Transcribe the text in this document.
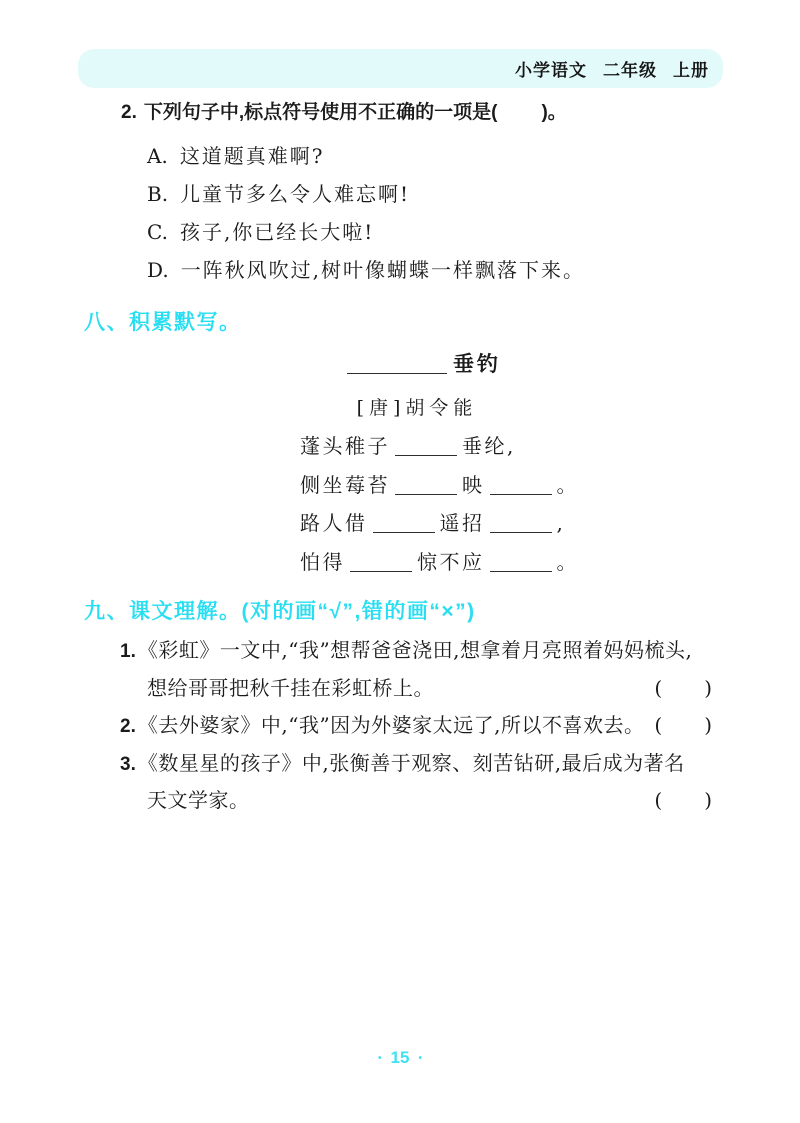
小学语文 二年级 上册
2. 下列句子中,标点符号使用不正确的一项是( )。
A. 这道题真难啊?
B. 儿童节多么令人难忘啊!
C. 孩子,你已经长大啦!
D. 一阵秋风吹过,树叶像蝴蝶一样飘落下来。
八、积累默写。
垂钓
[唐]胡令能
蓬头稚子	垂纶,
侧坐莓苔	映	。
路人借	遥招	,
怕得	惊不应	。
九、课文理解。(对的画“√”,错的画“×”)
1. 《彩虹》一文中,“我”想帮爸爸浇田,想拿着月亮照着妈妈梳头,
想给哥哥把秋千挂在彩虹桥上。	( )
2. 《去外婆家》中,“我”因为外婆家太远了,所以不喜欢去。 ( )
3. 《数星星的孩子》中,张衡善于观察、刻苦钻研,最后成为著名
天文学家。	( )
• 15 •
